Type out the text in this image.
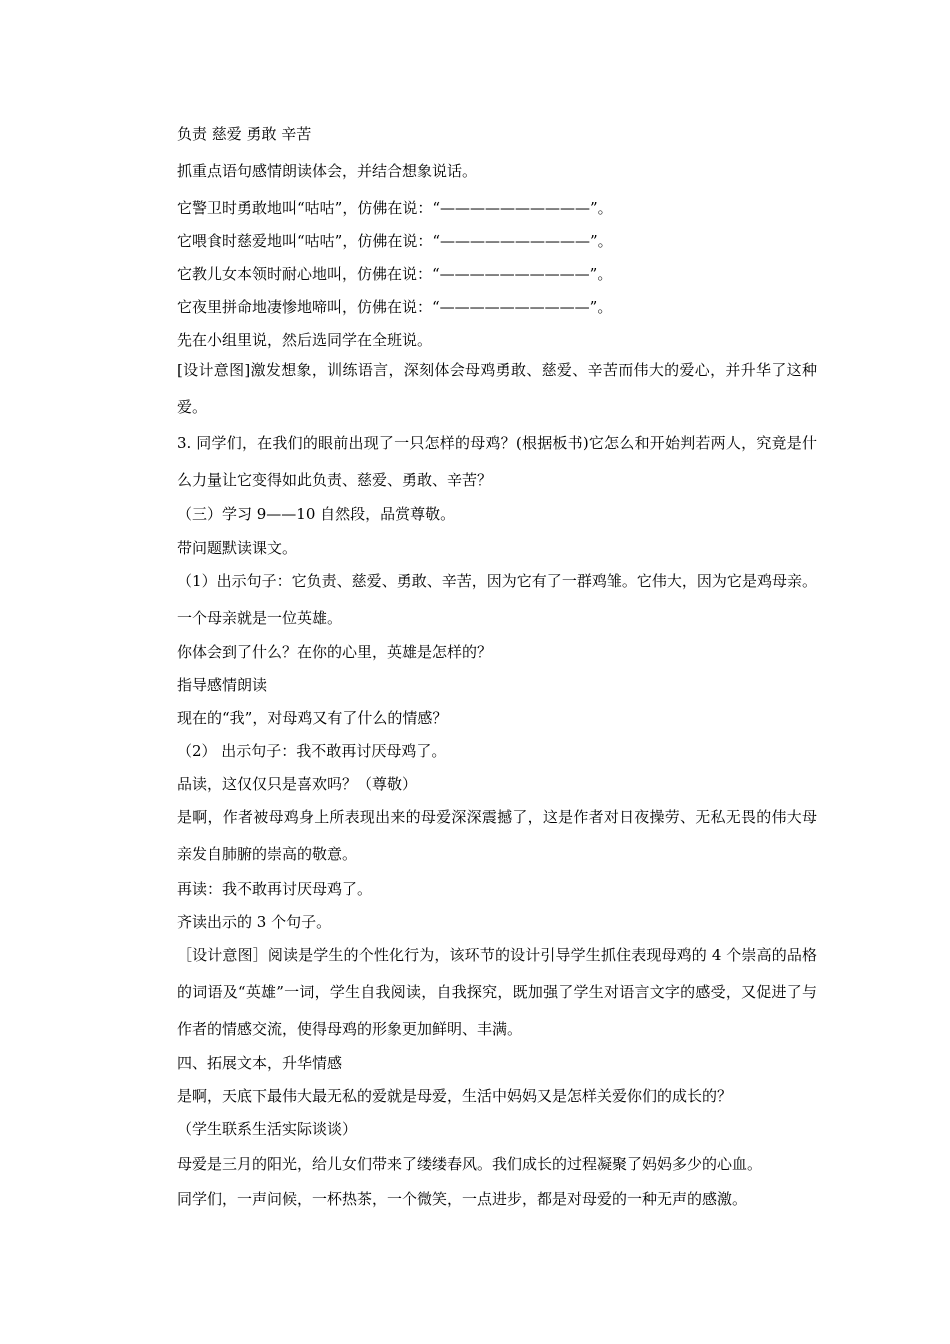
负责 慈爱 勇敢 辛苦

抓重点语句感情朗读体会，并结合想象说话。

它警卫时勇敢地叫“咕咕”，仿佛在说：“——————————”。

它喂食时慈爱地叫“咕咕”，仿佛在说：“——————————”。

它教儿女本领时耐心地叫，仿佛在说：“——————————”。

它夜里拼命地凄惨地啼叫，仿佛在说：“——————————”。

先在小组里说，然后选同学在全班说。

[设计意图]激发想象，训练语言，深刻体会母鸡勇敢、慈爱、辛苦而伟大的爱心，并升华了这种爱。

3. 同学们，在我们的眼前出现了一只怎样的母鸡？(根据板书)它怎么和开始判若两人，究竟是什么力量让它变得如此负责、慈爱、勇敢、辛苦？

（三）学习 9——10 自然段，品赏尊敬。

带问题默读课文。

（1）出示句子：它负责、慈爱、勇敢、辛苦，因为它有了一群鸡雏。它伟大，因为它是鸡母亲。一个母亲就是一位英雄。

你体会到了什么？在你的心里，英雄是怎样的？

指导感情朗读

现在的“我”，对母鸡又有了什么的情感？

（2） 出示句子：我不敢再讨厌母鸡了。

品读，这仅仅只是喜欢吗？（尊敬）

是啊，作者被母鸡身上所表现出来的母爱深深震撼了，这是作者对日夜操劳、无私无畏的伟大母亲发自肺腑的崇高的敬意。

再读：我不敢再讨厌母鸡了。

齐读出示的 3 个句子。

［设计意图］阅读是学生的个性化行为，该环节的设计引导学生抓住表现母鸡的 4 个崇高的品格的词语及“英雄”一词，学生自我阅读，自我探究，既加强了学生对语言文字的感受，又促进了与作者的情感交流，使得母鸡的形象更加鲜明、丰满。

四、拓展文本，升华情感

是啊，天底下最伟大最无私的爱就是母爱，生活中妈妈又是怎样关爱你们的成长的？

（学生联系生活实际谈谈）

母爱是三月的阳光，给儿女们带来了缕缕春风。我们成长的过程凝聚了妈妈多少的心血。

同学们，一声问候，一杯热茶，一个微笑，一点进步，都是对母爱的一种无声的感激。
